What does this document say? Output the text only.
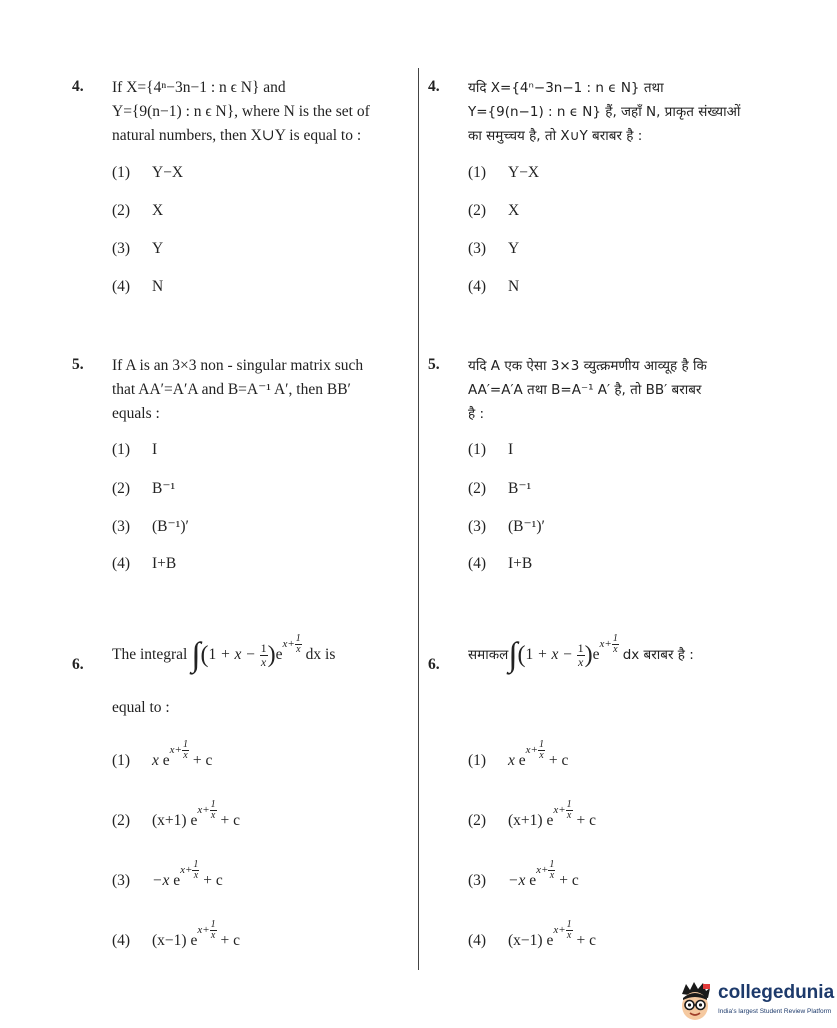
4. If X={4ⁿ−3n−1 : n ϵ N} and
Y={9(n−1) : n ϵ N}, where N is the set of
natural numbers, then X∪Y is equal to :
(1) Y−X
(2) X
(3) Y
(4) N
5. If A is an 3×3 non - singular matrix such
that AA′=A′A and B=A⁻¹ A′, then BB′
equals :
(1) I
(2) B⁻¹
(3) (B⁻¹)′
(4) I+B
6.
The integral $\int(1 + x - \frac{1}{x} )ex+ \frac{1}{x}$ dx is
equal to :
(1) x $ex+ \frac{1}{x} + c$
(2) (x+1) $ex+ \frac{1}{x} + c$
(3) −x $ex+ \frac{1}{x} + c$
(4) (x−1) $ex+ \frac{1}{x} + c$
4. यदि X={4ⁿ−3n−1 : n ϵ N} तथा
Y={9(n−1) : n ϵ N} हैं, जहाँ N, प्राकृत संख्याओं
का समुच्चय है, तो X∪Y बराबर है :
(1) Y−X
(2) X
(3) Y
(4) N
5. यदि A एक ऐसा 3×3 व्युत्क्रमणीय आव्यूह है कि
AA′=A′A तथा B=A⁻¹ A′ है, तो BB′ बराबर
है :
(1) I
(2) B⁻¹
(3) (B⁻¹)′
(4) I+B
6.
समाकल∫(1 + $x - \frac{1}{x} )ex+ \frac{1}{x}$
dx बराबर है :
(1) x $ex+ \frac{1}{x} + c$
(2) (x+1) $ex+ \frac{1}{x} + c$
(3) −x $ex+ \frac{1}{x} + c$
(4) (x−1) $ex+ \frac{1}{x} + c$
collegedunia
India's largest Student Review Platform
